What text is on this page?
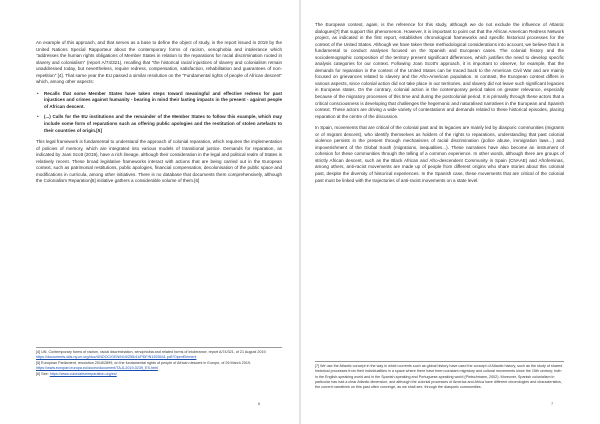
An example of this approach, and that serves as a base to define the object of study, is the report issued in 2019 by the United Nations Special Rapporteur about the contemporary forms of racism, xenophobia and intolerance which "addresses the human rights obligations of Member States in relation to the reparations for racial discrimination rooted in slavery and colonialism" (report A/74/321), recalling that "the historical racial injustices of slavery and colonialism remain unaddressed today, but nevertheless, require redress, compensation, satisfaction, rehabilitation and guarantees of non-repetition" [4]. That same year the EU passed a similar resolution on the "Fundamental rights of people of African descent" which, among other aspects:

• Recalls that some Member States have taken steps toward meaningful and effective redress for past injustices and crimes against humanity - bearing in mind their lasting impacts in the present - against people of African descent.
• (...) Calls for the EU institutions and the remainder of the Member States to follow this example, which may include some form of reparations such as offering public apologies and the restitution of stolen artefacts to their countries of origin.[5]

This legal framework is fundamental to understand the approach of colonial reparation, which requires the implementation of policies of memory, which are integrated into various models of transitional justice. Demands for reparation, as indicated by Joan Scott (2019), have a rich lineage, although their consideration in the legal and political realm of States is relatively recent. These broad legislative frameworks interact with actions that are being carried out in the European context, such as patrimonial restitutions, public apologies, financial compensation, decolonisation of the public space and modifications in curricula, among other initiatives. There is no database that documents them comprehensively, although the Colonialism Reparation[6] initiative gathers a considerable volume of them.[6]

[4] UN. Contemporary forms of racism, racial discrimination, xenophobia and related forms of intolerance, report A/74/321, of 21 August 2019. https://documents-dds-ny.un.org/doc/UNDOC/GEN/N19/255/41/PDF/N1925541.pdf?OpenElement
[5] European Parliament, resolution 2018/2899, on the fundamental rights of people of African descent in Europe, of 26 March 2019. https://www.europarl.europa.eu/doceo/document/TA-8-2019-0239_ES.html
[6] See: https://www.colonialismreparation.org/es/
6

The European context, again, is the reference for this study, although we do not exclude the influence of Atlantic dialogues[7] that support this phenomenon. However, it is important to point out that the African American Redress Network project, as indicated in the first report, establishes chronological frameworks and specific historical processes for the context of the United States. Although we have taken these methodological considerations into account, we believe that it is fundamental to conduct analyses focused on the Spanish and European cases. The colonial history and the sociodemographic composition of the territory present significant differences, which justifies the need to develop specific analysis categories for our context. Following Joan Scott's approach, it is important to observe, for example, that the demands for reparation in the context of the United States can be traced back to the American Civil War and are mainly focused on grievances related to slavery and the Afro-American population. In contrast, the European context differs in various aspects, since colonial action did not take place in our territories, and slavery did not leave such significant legacies in European states. On the contrary, colonial action in the contemporary period takes on greater relevance, especially because of the migratory processes of this time and during the postcolonial period. It is primarily through these actors that a critical consciousness is developing that challenges the hegemonic and naturalised narratives in the European and Spanish context. These actors are driving a wide variety of contestations and demands related to these historical episodes, placing reparation at the centre of the discussion.

In Spain, movements that are critical of the colonial past and its legacies are mainly led by diasporic communities (migrants or of migrant descent), who identify themselves as holders of the rights to reparations, understanding that past colonial violence persists in the present through mechanisms of racial discrimination (police abuse, immigration laws...) and impoverishment of the Global South (migrations, inequalities...). These narratives have also become an instrument of cohesion for these communities through the telling of a common experience. In other words, although there are groups of strictly African descent, such as the Black African and Afro-descendent Community in Spain (CNAAE) and Afrofeminas, among others, anti-racist movements are made up of people from different origins who share stories about this colonial past, despite the diversity of historical experiences. In the Spanish case, these movements that are critical of the colonial past must be linked with the trajectories of anti-racist movements on a state level.

[7] We use the Atlantic concept in the way in which currents such as global history have used the concept of Atlantic history, such as the study of shared historical processes from their individualities in a space where there have been constant migratory and cultural movements since the 15th century; both in the English-speaking world and in the Spanish-speaking and Portuguese-speaking world (Pietschmann, 2002). Moreover, Spanish colonialism in particular has had a clear Atlantic dimension, and although the colonial processes of America and Africa have different chronologies and characteristics, the current narratives on this past often converge, as we shall see, through the diasporic communities.
7
